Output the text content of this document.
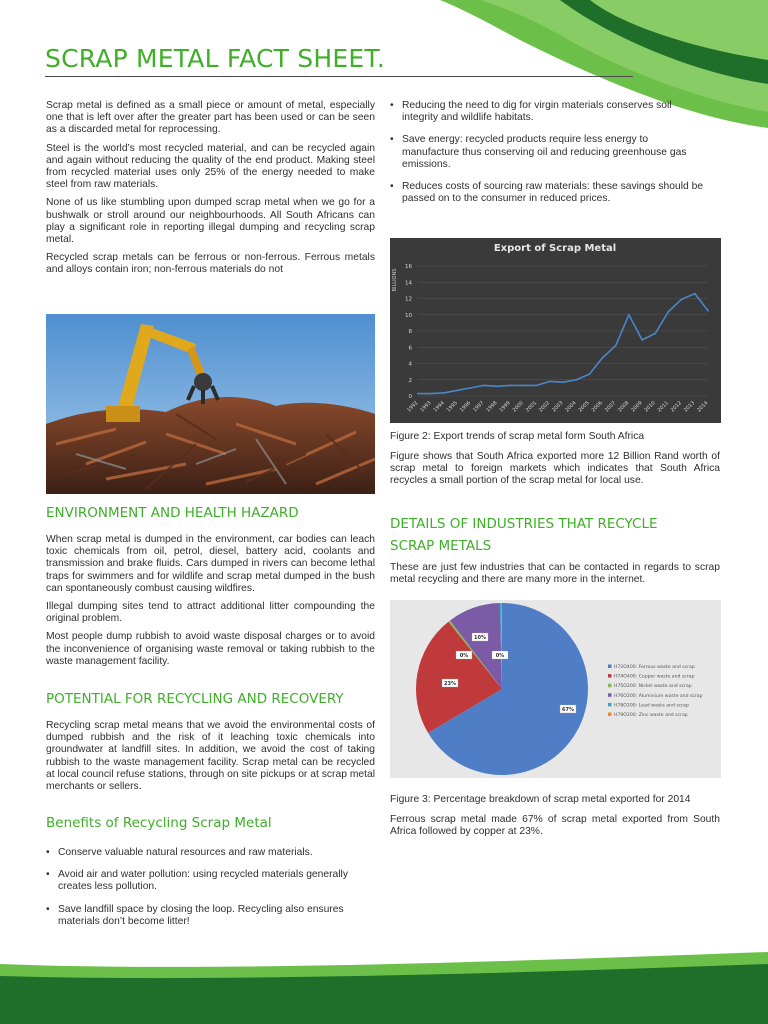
SCRAP METAL FACT SHEET.

Scrap metal is defined as a small piece or amount of metal, especially one that is left over after the greater part has been used or can be seen as a discarded metal for reprocessing.

Steel is the world’s most recycled material, and can be recycled again and again without reducing the quality of the end product. Making steel from recycled material uses only 25% of the energy needed to make steel from raw materials.

None of us like stumbling upon dumped scrap metal when we go for a bushwalk or stroll around our neighbourhoods. All South Africans can play a significant role in reporting illegal dumping and recycling scrap metal.

Recycled scrap metals can be ferrous or non-ferrous. Ferrous metals and alloys contain iron; non-ferrous materials do not

ENVIRONMENT AND HEALTH HAZARD

When scrap metal is dumped in the environment, car bodies can leach toxic chemicals from oil, petrol, diesel, battery acid, coolants and transmission and brake fluids. Cars dumped in rivers can become lethal traps for swimmers and for wildlife and scrap metal dumped in the bush can spontaneously combust causing wildfires.

Illegal dumping sites tend to attract additional litter compounding the original problem.

Most people dump rubbish to avoid waste disposal charges or to avoid the inconvenience of organising waste removal or taking rubbish to the waste management facility.

POTENTIAL FOR RECYCLING AND RECOVERY

Recycling scrap metal means that we avoid the environmental costs of dumped rubbish and the risk of it leaching toxic chemicals into groundwater at landfill sites. In addition, we avoid the cost of taking rubbish to the waste management facility. Scrap metal can be recycled at local council refuse stations, through on site pickups or at scrap metal merchants or sellers.

Benefits of Recycling Scrap Metal
• Conserve valuable natural resources and raw materials.
• Avoid air and water pollution: using recycled materials generally creates less pollution.
• Save landfill space by closing the loop. Recycling also ensures materials don’t become litter!
• Reducing the need to dig for virgin materials conserves soil integrity and wildlife habitats.
• Save energy: recycled products require less energy to manufacture thus conserving oil and reducing greenhouse gas emissions.
• Reduces costs of sourcing raw materials: these savings should be passed on to the consumer in reduced prices.
Export of Scrap Metal
BILLIONS
0
2
4
6
8
10
12
14
16
1992 1993 1994 1995 1996 1997 1998 1999 2000 2001 2002 2003 2004 2005 2006 2007 2008 2009 2010 2011 2012 2013 2014
Figure 2: Export trends of scrap metal form South Africa

Figure shows that South Africa exported more 12 Billion Rand worth of scrap metal to foreign markets which indicates that South Africa recycles a small portion of the scrap metal for local use.

DETAILS OF INDUSTRIES THAT RECYCLE
SCRAP METALS

These are just few industries that can be contacted in regards to scrap metal recycling and there are many more in the internet.

67%
23%
0%
10%
0%
H72O400: Ferrous waste and scrap
H74O400: Copper waste and scrap
H75O200: Nickel waste and scrap
H76O200: Aluminium waste and scrap
H78O200: Lead waste and scrap
H79O200: Zinc waste and scrap
Figure 3: Percentage breakdown of scrap metal exported for 2014

Ferrous scrap metal made 67% of scrap metal exported from South Africa followed by copper at 23%.
